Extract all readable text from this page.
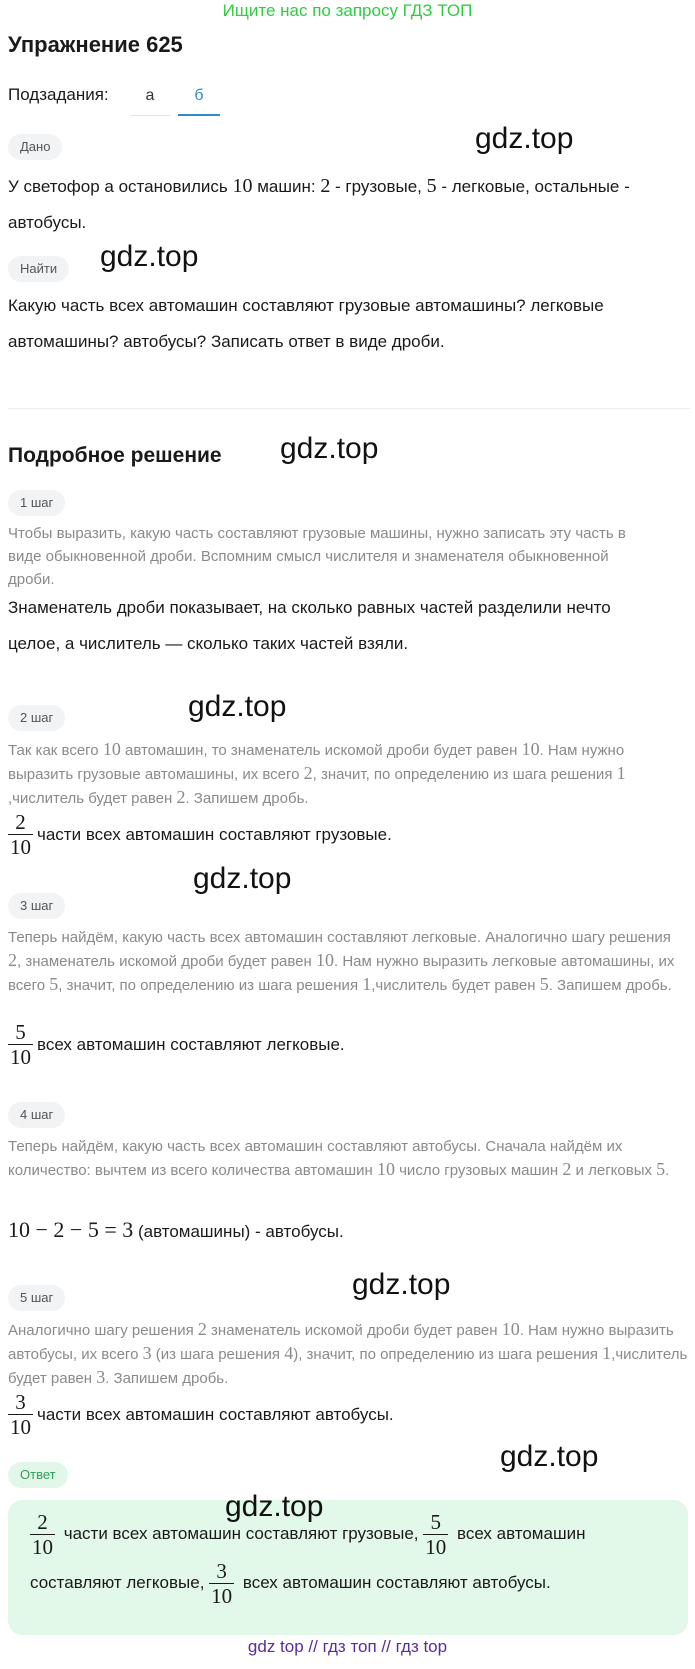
Ищите нас по запросу ГДЗ ТОП
Упражнение 625
Подзадания:	а	б
Дано	gdz.top
У светофор а остановились 10 машин: 2 - грузовые, 5 - легковые, остальные - автобусы.
Найти	gdz.top
Какую часть всех автомашин составляют грузовые автомашины? легковые автомашины? автобусы? Записать ответ в виде дроби.
Подробное решение gdz.top
1 шаг
Чтобы выразить, какую часть составляют грузовые машины, нужно записать эту часть в виде обыкновенной дроби. Вспомним смысл числителя и знаменателя обыкновенной дроби.
Знаменатель дроби показывает, на сколько равных частей разделили нечто целое, а числитель — сколько таких частей взяли.
gdz.top
2 шаг
Так как всего 10 автомашин, то знаменатель искомой дроби будет равен 10. Нам нужно выразить грузовые автомашины, их всего 2, значит, по определению из шага решения 1 ,числитель будет равен 2. Запишем дробь.
$\frac{2}{10}$ части всех автомашин составляют грузовые.
gdz.top
3 шаг
Теперь найдём, какую часть всех автомашин составляют легковые. Аналогично шагу решения 2, знаменатель искомой дроби будет равен 10. Нам нужно выразить легковые автомашины, их всего 5, значит, по определению из шага решения 1,числитель будет равен 5. Запишем дробь.
$\frac{5}{10}$ всех автомашин составляют легковые.
4 шаг
Теперь найдём, какую часть всех автомашин составляют автобусы. Сначала найдём их количество: вычтем из всего количества автомашин 10 число грузовых машин 2 и легковых 5.
10 − 2 − 5 = 3 (автомашины) - автобусы.
gdz.top
5 шаг
Аналогично шагу решения 2 знаменатель искомой дроби будет равен 10. Нам нужно выразить автобусы, их всего 3 (из шага решения 4), значит, по определению из шага решения 1,числитель будет равен 3. Запишем дробь.
$\frac{3}{10}$ части всех автомашин составляют автобусы.
gdz.top
Ответ
gdz.top
$\frac{2}{10}$ части всех автомашин составляют грузовые, $\frac{5}{10}$ всех автомашин составляют легковые, $\frac{3}{10}$ всех автомашин составляют автобусы.
gdz top // гдз топ // гдз top
